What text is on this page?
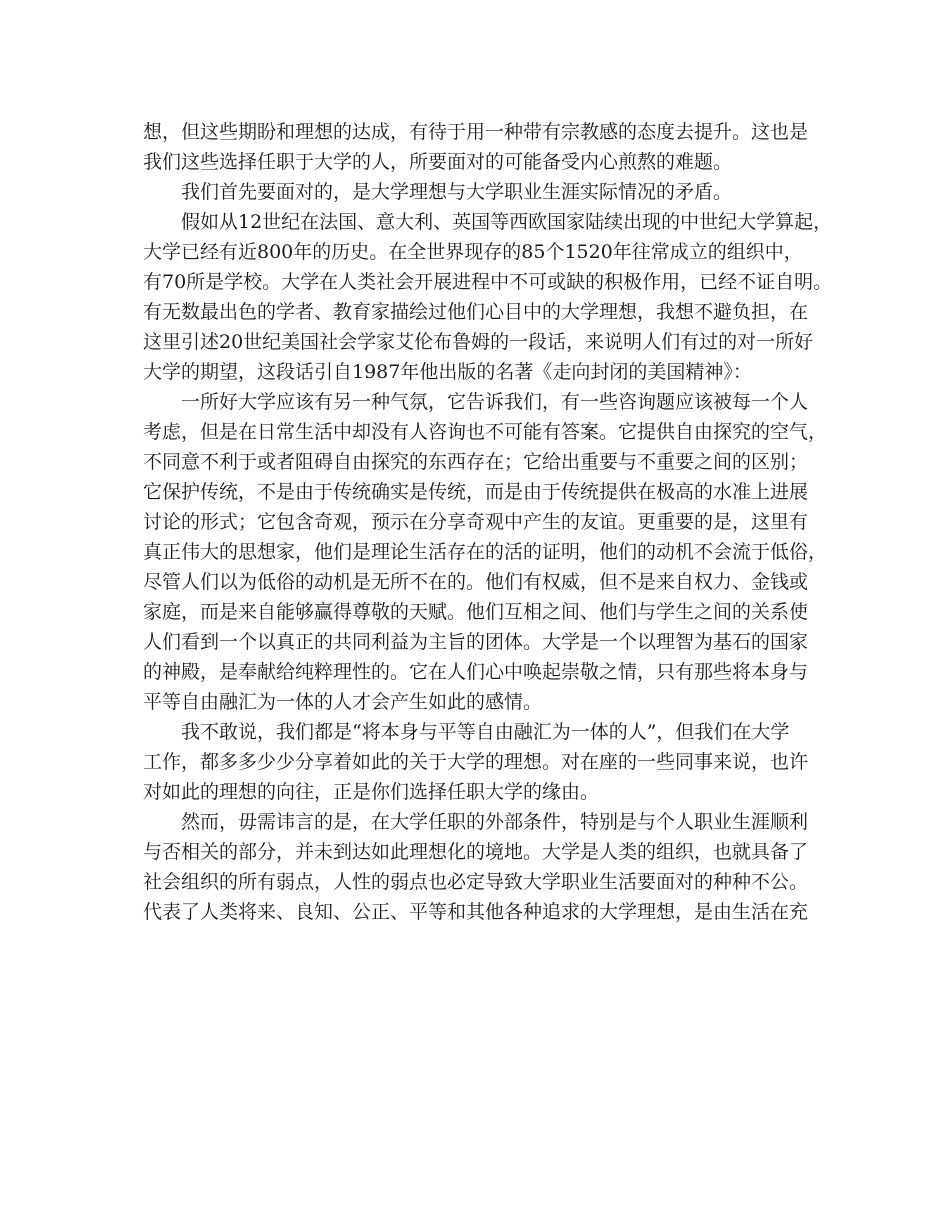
想，但这些期盼和理想的达成，有待于用一种带有宗教感的态度去提升。这也是
我们这些选择任职于大学的人，所要面对的可能备受内心煎熬的难题。
我们首先要面对的，是大学理想与大学职业生涯实际情况的矛盾。
假如从12世纪在法国、意大利、英国等西欧国家陆续出现的中世纪大学算起，
大学已经有近800年的历史。在全世界现存的85个1520年往常成立的组织中，
有70所是学校。大学在人类社会开展进程中不可或缺的积极作用，已经不证自明。
有无数最出色的学者、教育家描绘过他们心目中的大学理想，我想不避负担，在
这里引述20世纪美国社会学家艾伦布鲁姆的一段话，来说明人们有过的对一所好
大学的期望，这段话引自1987年他出版的名著《走向封闭的美国精神》：
一所好大学应该有另一种气氛，它告诉我们，有一些咨询题应该被每一个人
考虑，但是在日常生活中却没有人咨询也不可能有答案。它提供自由探究的空气，
不同意不利于或者阻碍自由探究的东西存在；它给出重要与不重要之间的区别；
它保护传统，不是由于传统确实是传统，而是由于传统提供在极高的水准上进展
讨论的形式；它包含奇观，预示在分享奇观中产生的友谊。更重要的是，这里有
真正伟大的思想家，他们是理论生活存在的活的证明，他们的动机不会流于低俗，
尽管人们以为低俗的动机是无所不在的。他们有权威，但不是来自权力、金钱或
家庭，而是来自能够赢得尊敬的天赋。他们互相之间、他们与学生之间的关系使
人们看到一个以真正的共同利益为主旨的团体。大学是一个以理智为基石的国家
的神殿，是奉献给纯粹理性的。它在人们心中唤起崇敬之情，只有那些将本身与
平等自由融汇为一体的人才会产生如此的感情。
我不敢说，我们都是“将本身与平等自由融汇为一体的人”，但我们在大学
工作，都多多少少分享着如此的关于大学的理想。对在座的一些同事来说，也许
对如此的理想的向往，正是你们选择任职大学的缘由。
然而，毋需讳言的是，在大学任职的外部条件，特别是与个人职业生涯顺利
与否相关的部分，并未到达如此理想化的境地。大学是人类的组织，也就具备了
社会组织的所有弱点，人性的弱点也必定导致大学职业生活要面对的种种不公。
代表了人类将来、良知、公正、平等和其他各种追求的大学理想，是由生活在充
